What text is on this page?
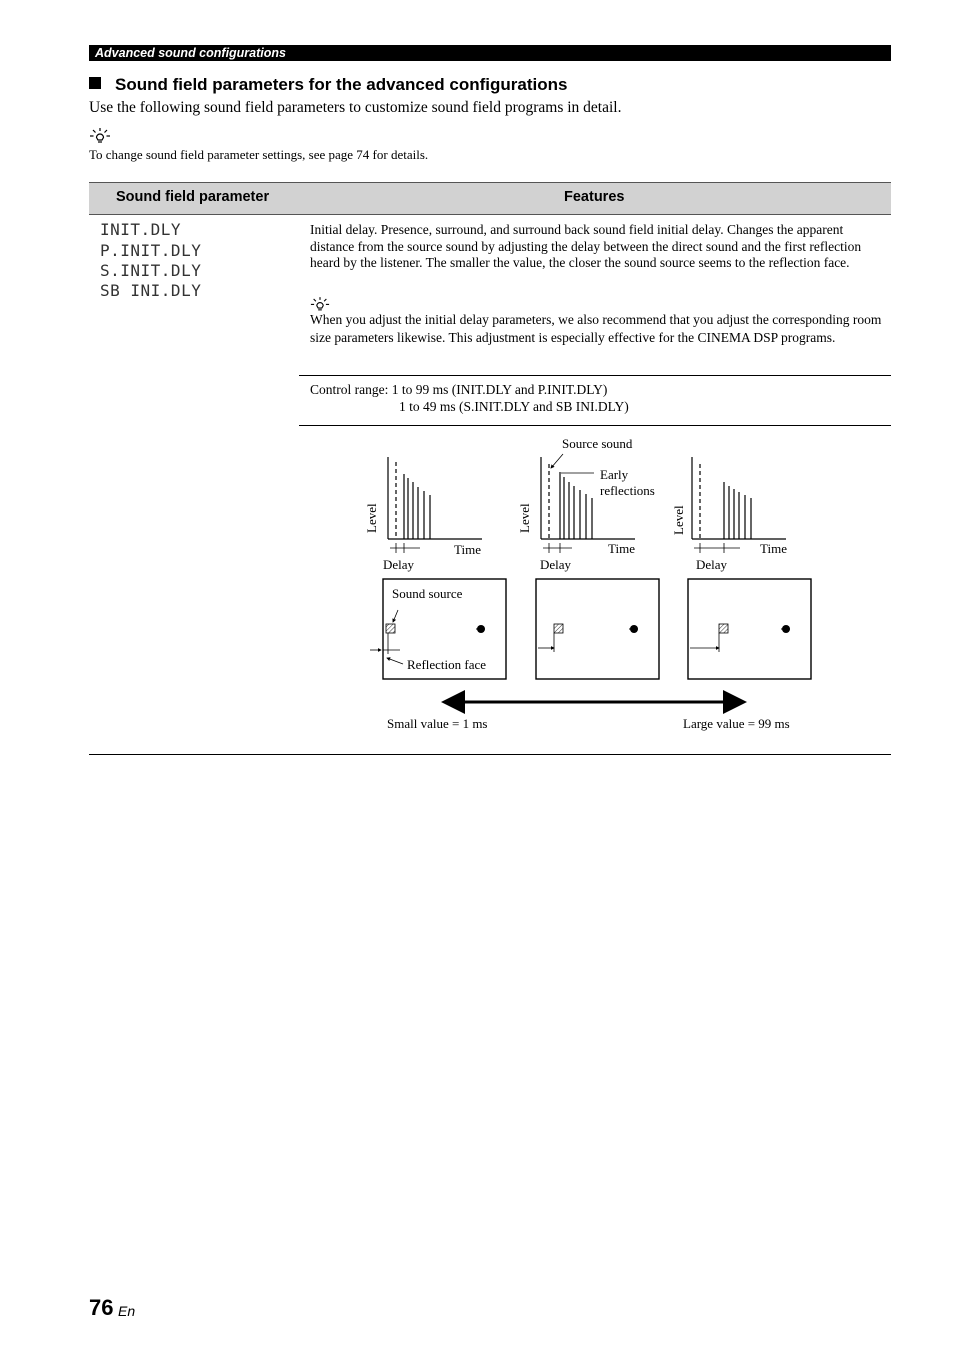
Advanced sound configurations
Sound field parameters for the advanced configurations
Use the following sound field parameters to customize sound field programs in detail.
To change sound field parameter settings, see page 74 for details.
Sound field parameter	Features
INIT.DLY
P.INIT.DLY
S.INIT.DLY
SB INI.DLY
Initial delay. Presence, surround, and surround back sound field initial delay. Changes the apparent distance from the source sound by adjusting the delay between the direct sound and the first reflection heard by the listener. The smaller the value, the closer the sound source seems to the reflection face.
When you adjust the initial delay parameters, we also recommend that you adjust the corresponding room size parameters likewise. This adjustment is especially effective for the CINEMA DSP programs.
Control range: 1 to 99 ms (INIT.DLY and P.INIT.DLY)
1 to 49 ms (S.INIT.DLY and SB INI.DLY)
Level
Time
Delay
Source sound
Early
reflections
Level
Time
Delay
Level
Time
Delay
Sound source
Reflection face
Small value = 1 ms	Large value = 99 ms
76 En
